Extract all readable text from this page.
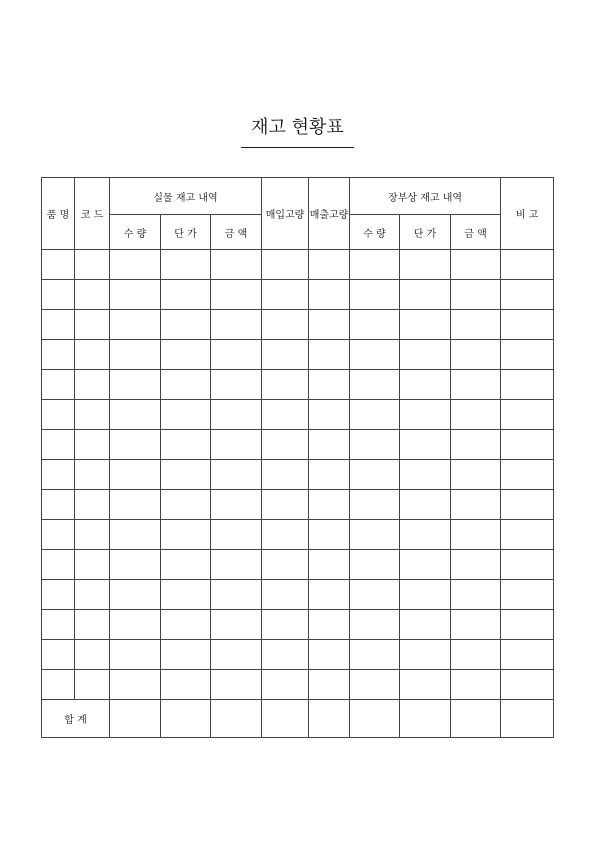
재고 현황표
품 명	코 드	실물 재고 내역			매입고량	매출고량	장부상 재고 내역			비 고
		수 량	단 가	금 액			수 량	단 가	금 액	

합 계										
